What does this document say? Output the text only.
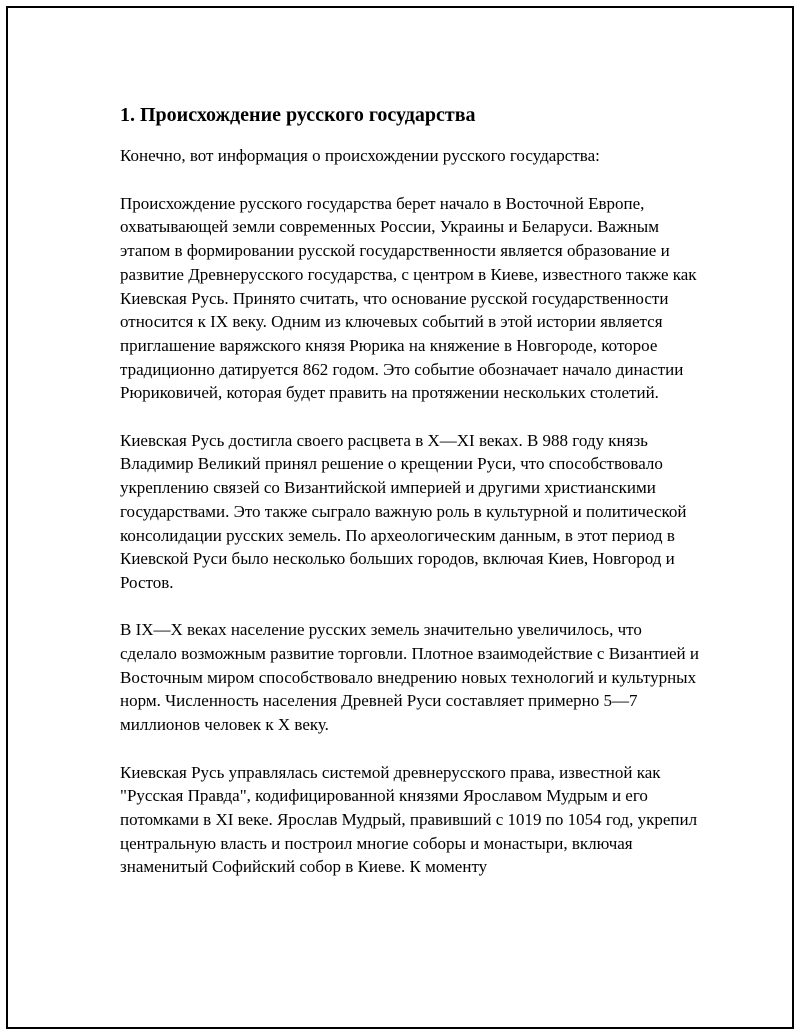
1. Происхождение русского государства

Конечно, вот информация о происхождении русского государства:

Происхождение русского государства берет начало в Восточной Европе, охватывающей земли современных России, Украины и Беларуси. Важным этапом в формировании русской государственности является образование и развитие Древнерусского государства, с центром в Киеве, известного также как Киевская Русь. Принято считать, что основание русской государственности относится к IX веку. Одним из ключевых событий в этой истории является приглашение варяжского князя Рюрика на княжение в Новгороде, которое традиционно датируется 862 годом. Это событие обозначает начало династии Рюриковичей, которая будет править на протяжении нескольких столетий.

Киевская Русь достигла своего расцвета в X—XI веках. В 988 году князь Владимир Великий принял решение о крещении Руси, что способствовало укреплению связей со Византийской империей и другими христианскими государствами. Это также сыграло важную роль в культурной и политической консолидации русских земель. По археологическим данным, в этот период в Киевской Руси было несколько больших городов, включая Киев, Новгород и Ростов.

В IX—X веках население русских земель значительно увеличилось, что сделало возможным развитие торговли. Плотное взаимодействие с Византией и Восточным миром способствовало внедрению новых технологий и культурных норм. Численность населения Древней Руси составляет примерно 5—7 миллионов человек к X веку.

Киевская Русь управлялась системой древнерусского права, известной как "Русская Правда", кодифицированной князями Ярославом Мудрым и его потомками в XI веке. Ярослав Мудрый, правивший с 1019 по 1054 год, укрепил центральную власть и построил многие соборы и монастыри, включая знаменитый Софийский собор в Киеве. К моменту
